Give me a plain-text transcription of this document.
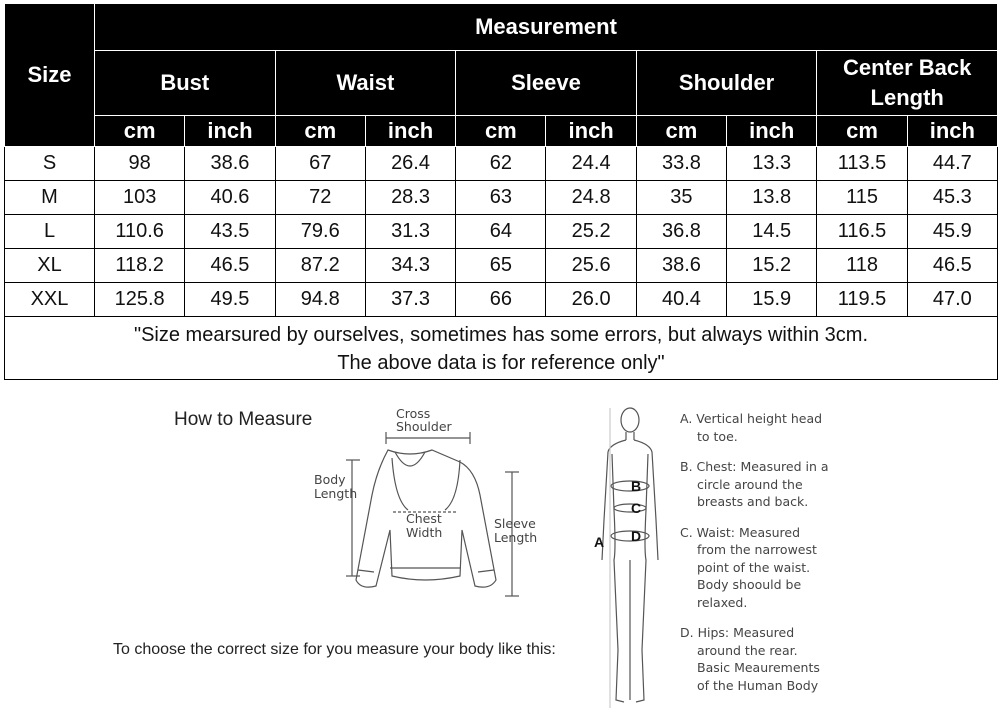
Size	Measurement									

	Bust		Waist		Sleeve		Shoulder		Center Back
Length	

	cm	inch	cm	inch	cm	inch	cm	inch	cm	inch
S	98	38.6	67	26.4	62	24.4	33.8	13.3	113.5	44.7
M	103	40.6	72	28.3	63	24.8	35	13.8	115	45.3
L	110.6	43.5	79.6	31.3	64	25.2	36.8	14.5	116.5	45.9
XL	118.2	46.5	87.2	34.3	65	25.6	38.6	15.2	118	46.5
XXL	125.8	49.5	94.8	37.3	66	26.0	40.4	15.9	119.5	47.0

"Size mearsured by ourselves, sometimes has some errors, but always within 3cm.
The above data is for reference only"										
How to Measure
To choose the correct size for you measure your body like this:
Cross
Shoulder
Body
Length
Chest
Width
Sleeve
Length
B
C
D
A
A. Vertical height head
to toe.
B. Chest: Measured in a
circle around the
breasts and back.
C. Waist: Measured
from the narrowest
point of the waist.
Body shoould be
relaxed.
D. Hips: Measured
around the rear.
Basic Meaurements
of the Human Body
